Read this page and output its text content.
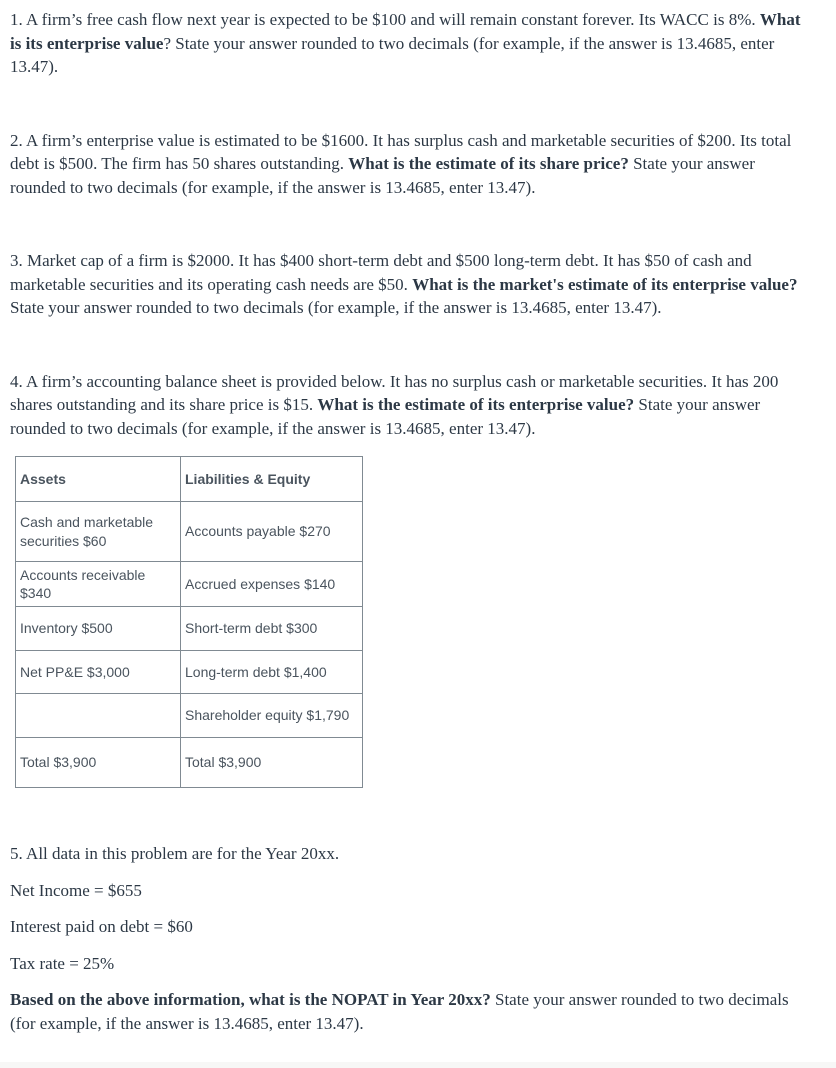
1. A firm’s free cash flow next year is expected to be $100 and will remain constant forever. Its WACC is 8%. What is its enterprise value? State your answer rounded to two decimals (for example, if the answer is 13.4685, enter 13.47).

2. A firm’s enterprise value is estimated to be $1600. It has surplus cash and marketable securities of $200. Its total debt is $500. The firm has 50 shares outstanding. What is the estimate of its share price? State your answer rounded to two decimals (for example, if the answer is 13.4685, enter 13.47).

3. Market cap of a firm is $2000. It has $400 short-term debt and $500 long-term debt. It has $50 of cash and marketable securities and its operating cash needs are $50. What is the market's estimate of its enterprise value? State your answer rounded to two decimals (for example, if the answer is 13.4685, enter 13.47).

4. A firm’s accounting balance sheet is provided below. It has no surplus cash or marketable securities. It has 200 shares outstanding and its share price is $15. What is the estimate of its enterprise value? State your answer rounded to two decimals (for example, if the answer is 13.4685, enter 13.47).

Assets	Liabilities & Equity
Cash and marketable securities $60	Accounts payable $270
Accounts receivable $340	Accrued expenses $140
Inventory $500	Short-term debt $300
Net PP&E $3,000	Long-term debt $1,400
	Shareholder equity $1,790
Total $3,900	Total $3,900

5. All data in this problem are for the Year 20xx.

Net Income = $655

Interest paid on debt = $60

Tax rate = 25%

Based on the above information, what is the NOPAT in Year 20xx? State your answer rounded to two decimals (for example, if the answer is 13.4685, enter 13.47).
